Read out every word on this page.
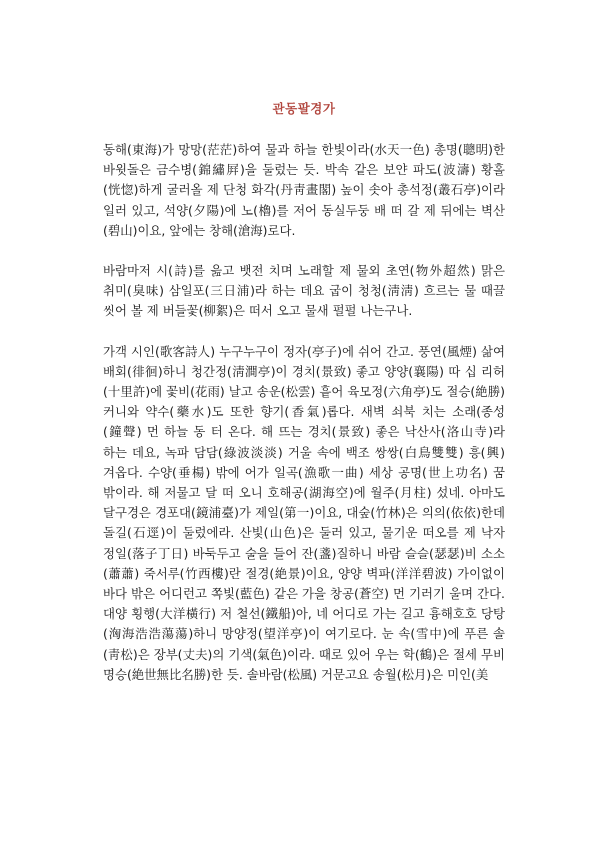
관동팔경가

동해(東海)가 망망(茫茫)하여 물과 하늘 한빛이라(水天一色) 총명(聰明)한 바윗돌은 금수병(錦繡屛)을 둘렀는 듯. 박속 같은 보얀 파도(波濤) 황홀(恍惚)하게 굴러올 제 단청 화각(丹靑畫閣) 높이 솟아 총석정(叢石亭)이라 일러 있고, 석양(夕陽)에 노(櫓)를 저어 동실두둥 배 떠 갈 제 뒤에는 벽산(碧山)이요, 앞에는 창해(滄海)로다.

바람마저 시(詩)를 읊고 뱃전 치며 노래할 제 물외 초연(物外超然) 맑은 취미(臭味) 삼일포(三日浦)라 하는 데요 굽이 청청(淸淸) 흐르는 물 때끌 씻어 볼 제 버들꽃(柳絮)은 떠서 오고 물새 펄펄 나는구나.

가객 시인(歌客詩人) 누구누구이 정자(亭子)에 쉬어 간고. 풍연(風煙) 삶여 배회(徘徊)하니 청간정(淸澗亭)이 경치(景致) 좋고 양양(襄陽) 따 십 리허(十里許)에 꽃비(花雨) 날고 송운(松雲) 흩어 육모정(六角亭)도 절승(絶勝)커니와 약수(藥水)도 또한 향기(香氣)롭다. 새벽 쇠북 치는 소래(종성(鐘聲) 먼 하늘 동 터 온다. 해 뜨는 경치(景致) 좋은 낙산사(洛山寺)라 하는 데요, 녹파 담담(綠波淡淡) 거울 속에 백조 쌍쌍(白鳥雙雙) 흥(興) 겨옵다. 수양(垂楊) 밖에 어가 일곡(漁歌一曲) 세상 공명(世上功名) 꿈 밖이라. 해 저물고 달 떠 오니 호해공(湖海空)에 월주(月柱) 섰네. 아마도 달구경은 경포대(鏡浦臺)가 제일(第一)이요, 대숲(竹林)은 의의(依依)한데 돌길(石逕)이 둘렀에라. 산빛(山色)은 둘러 있고, 물기운 떠오를 제 낙자 정일(落子丁日) 바둑두고 술을 들어 잔(盞)질하니 바람 슬슬(瑟瑟)비 소소(蕭蕭) 죽서루(竹西樓)란 절경(絶景)이요, 양양 벽파(洋洋碧波) 가이없이 바다 밖은 어디런고 쪽빛(藍色) 같은 가을 창공(蒼空) 먼 기러기 울며 간다. 대양 횡행(大洋橫行) 저 철선(鐵船)아, 네 어디로 가는 길고 흉해호호 당탕(洶海浩浩蕩蕩)하니 망양정(望洋亭)이 여기로다. 눈 속(雪中)에 푸른 솔(靑松)은 장부(丈夫)의 기색(氣色)이라. 때로 있어 우는 학(鶴)은 절세 무비 명승(絶世無比名勝)한 듯. 솔바람(松風) 거문고요 송월(松月)은 미인(美
